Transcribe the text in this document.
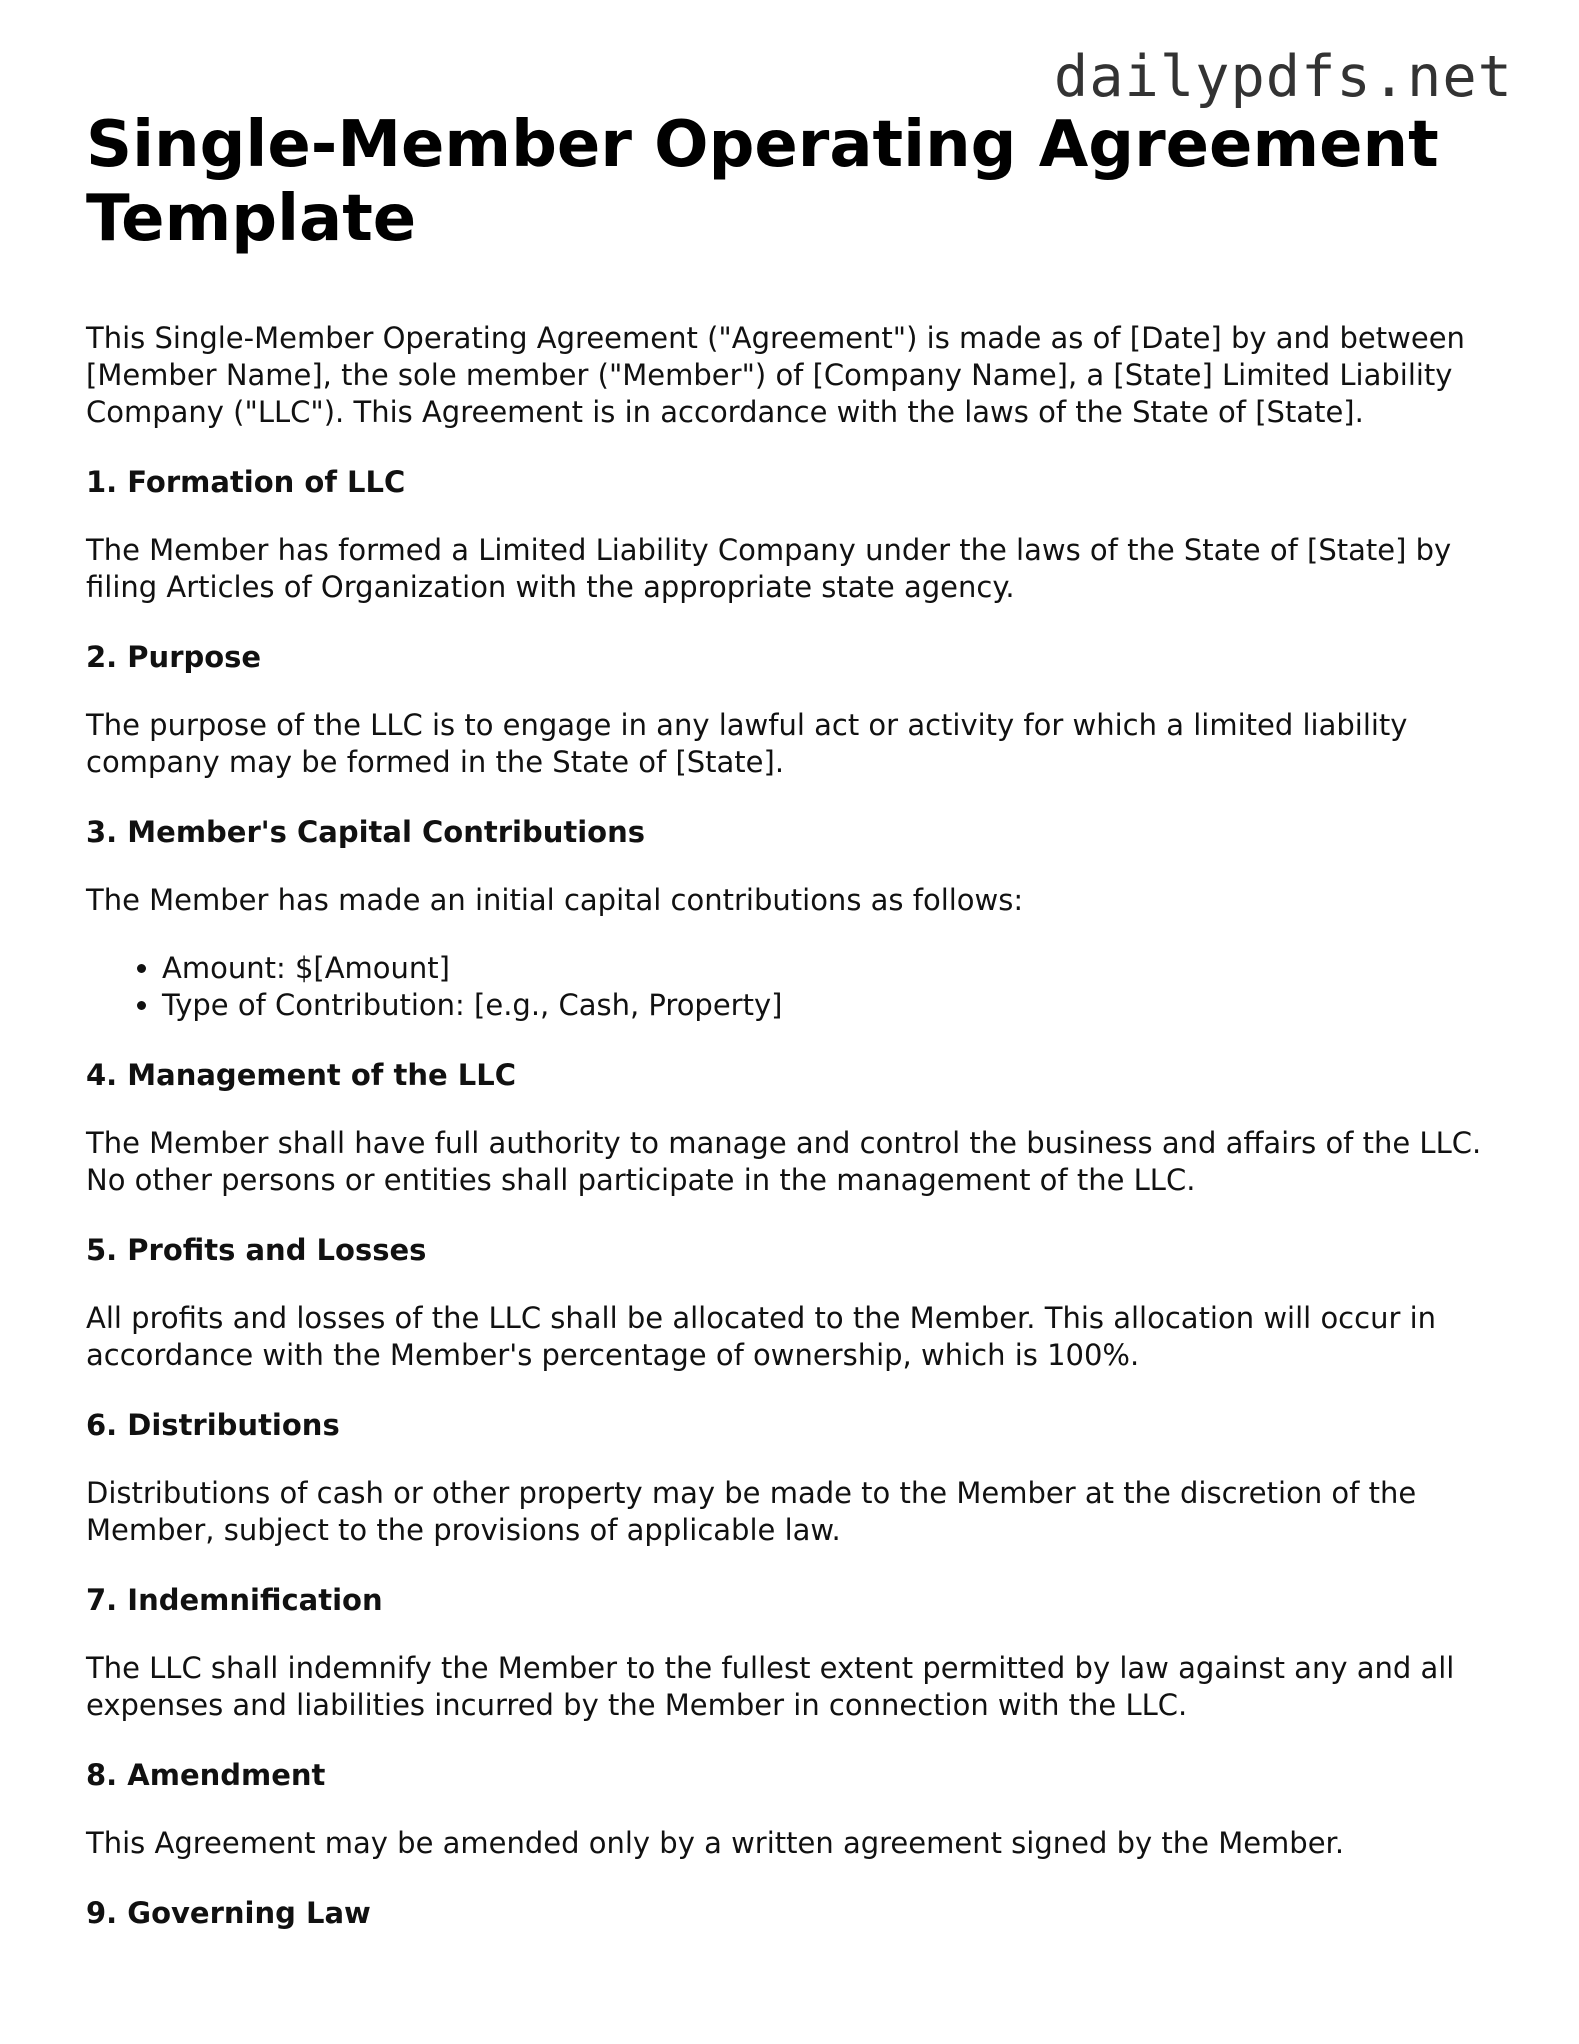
dailypdfs.net
Single-Member Operating Agreement Template

This Single-Member Operating Agreement ("Agreement") is made as of [Date] by and between [Member Name], the sole member ("Member") of [Company Name], a [State] Limited Liability Company ("LLC"). This Agreement is in accordance with the laws of the State of [State].

1. Formation of LLC

The Member has formed a Limited Liability Company under the laws of the State of [State] by filing Articles of Organization with the appropriate state agency.

2. Purpose

The purpose of the LLC is to engage in any lawful act or activity for which a limited liability company may be formed in the State of [State].

3. Member's Capital Contributions

The Member has made an initial capital contributions as follows:

• Amount: $[Amount]
• Type of Contribution: [e.g., Cash, Property]
4. Management of the LLC

The Member shall have full authority to manage and control the business and affairs of the LLC. No other persons or entities shall participate in the management of the LLC.

5. Profits and Losses

All profits and losses of the LLC shall be allocated to the Member. This allocation will occur in accordance with the Member's percentage of ownership, which is 100%.

6. Distributions

Distributions of cash or other property may be made to the Member at the discretion of the Member, subject to the provisions of applicable law.

7. Indemnification

The LLC shall indemnify the Member to the fullest extent permitted by law against any and all expenses and liabilities incurred by the Member in connection with the LLC.

8. Amendment

This Agreement may be amended only by a written agreement signed by the Member.

9. Governing Law
